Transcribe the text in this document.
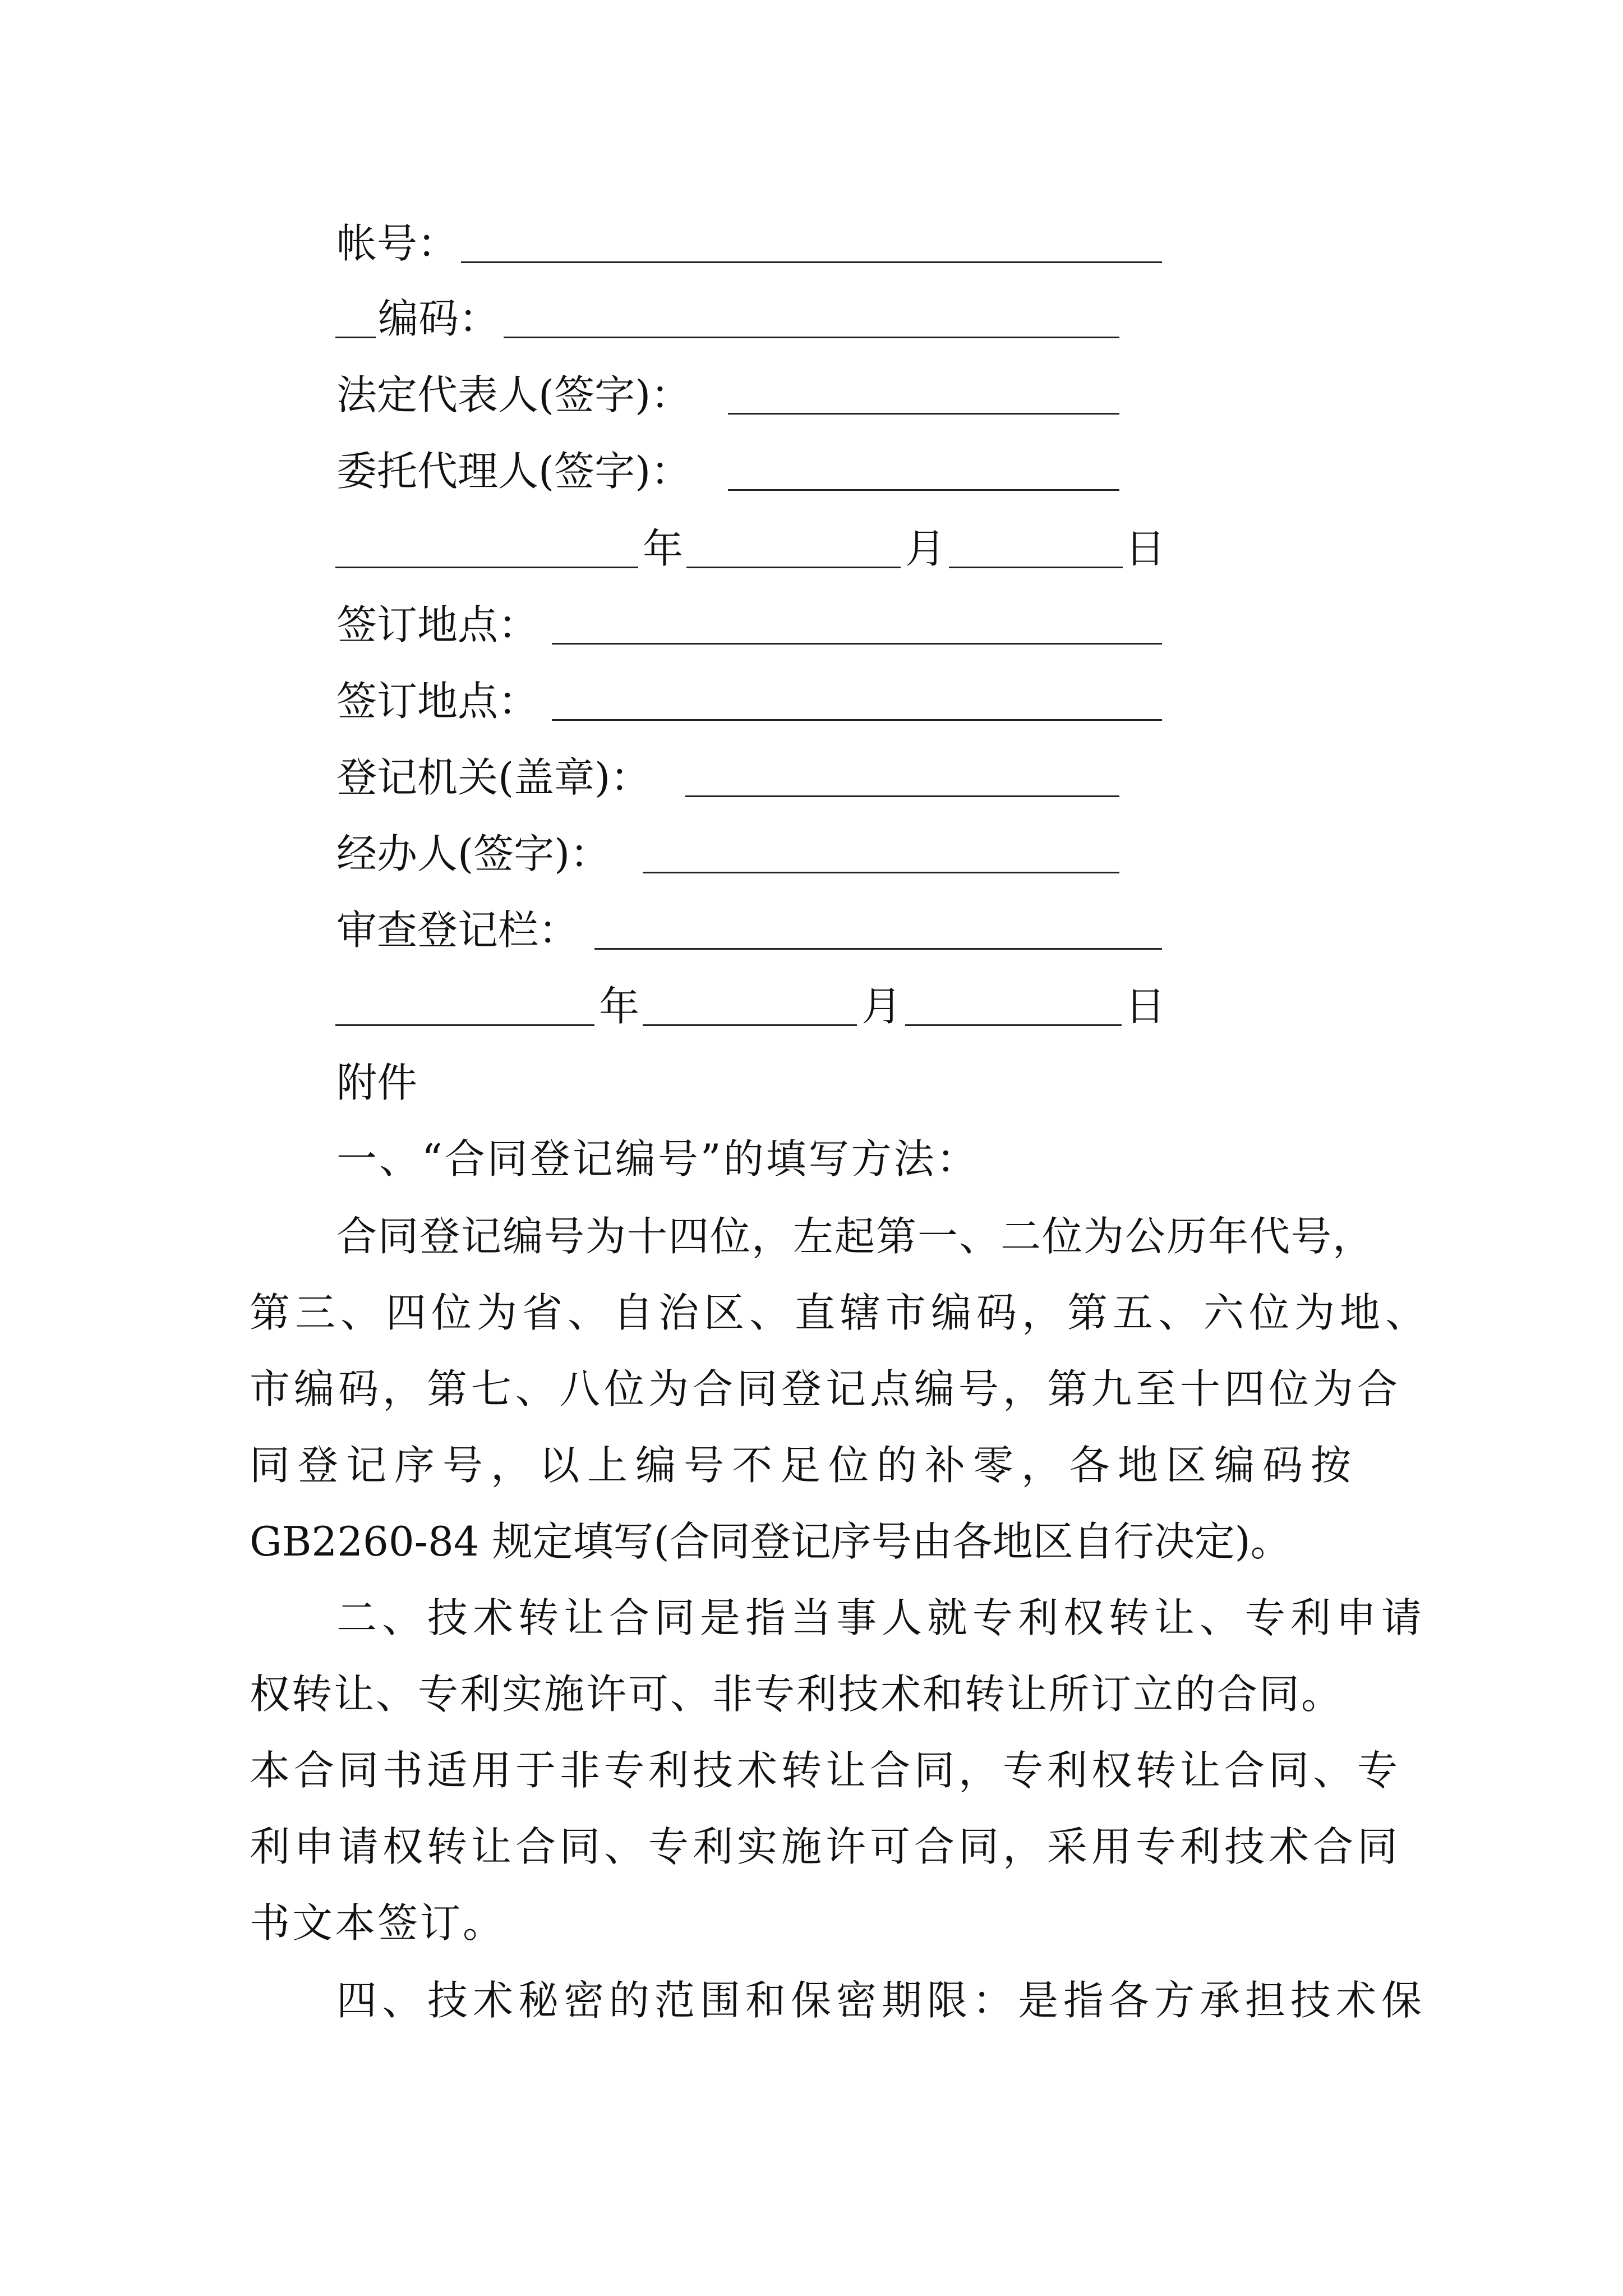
帐号：
编码：
法定代表人(签字)：
委托代理人(签字)：
年	月	日
签订地点：
签订地点：
登记机关(盖章)：
经办人(签字)：
审查登记栏：
年	月	日
附件
一、“合同登记编号”的填写方法：
合同登记编号为十四位，左起第一、二位为公历年代号，
第三、四位为省、自治区、直辖市编码，第五、六位为地、
市编码，第七、八位为合同登记点编号，第九至十四位为合
同登记序号，以上编号不足位的补零，各地区编码按
GB2260-84 规定填写(合同登记序号由各地区自行决定)。
二、技术转让合同是指当事人就专利权转让、专利申请
权转让、专利实施许可、非专利技术和转让所订立的合同。
本合同书适用于非专利技术转让合同，专利权转让合同、专
利申请权转让合同、专利实施许可合同，采用专利技术合同
书文本签订。
四、技术秘密的范围和保密期限：是指各方承担技术保
